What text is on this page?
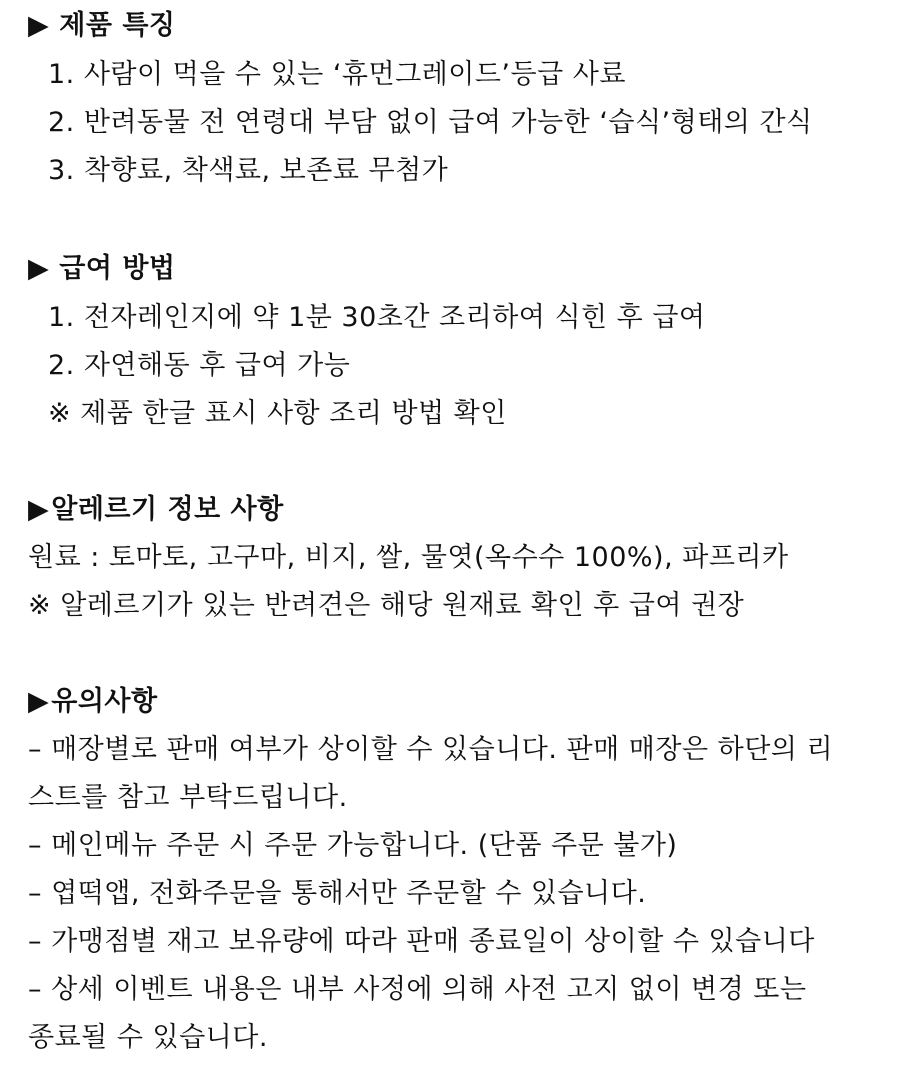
▶ 제품 특징
1. 사람이 먹을 수 있는 ‘휴먼그레이드’등급 사료
2. 반려동물 전 연령대 부담 없이 급여 가능한 ‘습식’형태의 간식
3. 착향료, 착색료, 보존료 무첨가
▶ 급여 방법
1. 전자레인지에 약 1분 30초간 조리하여 식힌 후 급여
2. 자연해동 후 급여 가능
※ 제품 한글 표시 사항 조리 방법 확인
▶알레르기 정보 사항
원료 : 토마토, 고구마, 비지, 쌀, 물엿(옥수수 100%), 파프리카
※ 알레르기가 있는 반려견은 해당 원재료 확인 후 급여 권장
▶유의사항
– 매장별로 판매 여부가 상이할 수 있습니다. 판매 매장은 하단의 리
스트를 참고 부탁드립니다.
– 메인메뉴 주문 시 주문 가능합니다. (단품 주문 불가)
– 엽떡앱, 전화주문을 통해서만 주문할 수 있습니다.
– 가맹점별 재고 보유량에 따라 판매 종료일이 상이할 수 있습니다
– 상세 이벤트 내용은 내부 사정에 의해 사전 고지 없이 변경 또는
종료될 수 있습니다.
